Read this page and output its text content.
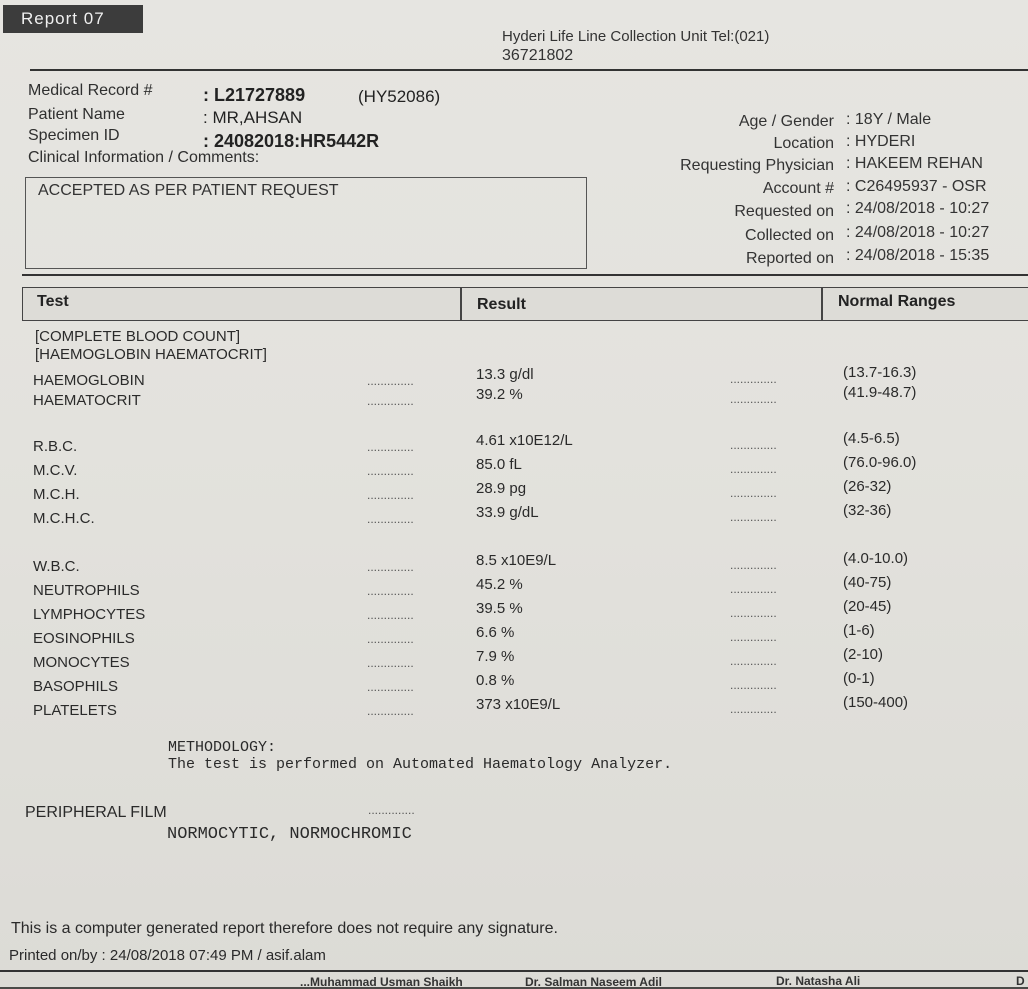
Report 07
Hyderi Life Line Collection Unit Tel:(021)
36721802
Medical Record #	: L21727889	(HY52086)
Patient Name	: MR,AHSAN
Specimen ID	: 24082018:HR5442R
Clinical Information / Comments:
ACCEPTED AS PER PATIENT REQUEST
Age / Gender : 18Y / Male
Location : HYDERI
Requesting Physician : HAKEEM REHAN
Account # : C26495937 - OSR
Requested on : 24/08/2018 - 10:27
Collected on : 24/08/2018 - 10:27
Reported on : 24/08/2018 - 15:35
Test	Result	Normal Ranges
[COMPLETE BLOOD COUNT]
[HAEMOGLOBIN HAEMATOCRIT]
HAEMOGLOBIN	..............	13.3 g/dl	..............	(13.7-16.3)
HAEMATOCRIT	..............	39.2 %	..............	(41.9-48.7)
R.B.C.	..............	4.61 x10E12/L	..............	(4.5-6.5)
M.C.V.	..............	85.0 fL	..............	(76.0-96.0)
M.C.H.	..............	28.9 pg	..............	(26-32)
M.C.H.C.	..............	33.9 g/dL	..............	(32-36)
W.B.C.	..............	8.5 x10E9/L	..............	(4.0-10.0)
NEUTROPHILS	..............	45.2 %	..............	(40-75)
LYMPHOCYTES	..............	39.5 %	..............	(20-45)
EOSINOPHILS	..............	6.6 %	..............	(1-6)
MONOCYTES	..............	7.9 %	..............	(2-10)
BASOPHILS	..............	0.8 %	..............	(0-1)
PLATELETS	..............	373 x10E9/L	..............	(150-400)
METHODOLOGY:
The test is performed on Automated Haematology Analyzer.
PERIPHERAL FILM	..............
NORMOCYTIC, NORMOCHROMIC
This is a computer generated report therefore does not require any signature.
Printed on/by : 24/08/2018 07:49 PM / asif.alam
...Muhammad Usman Shaikh	Dr. Salman Naseem Adil	Dr. Natasha Ali	D
